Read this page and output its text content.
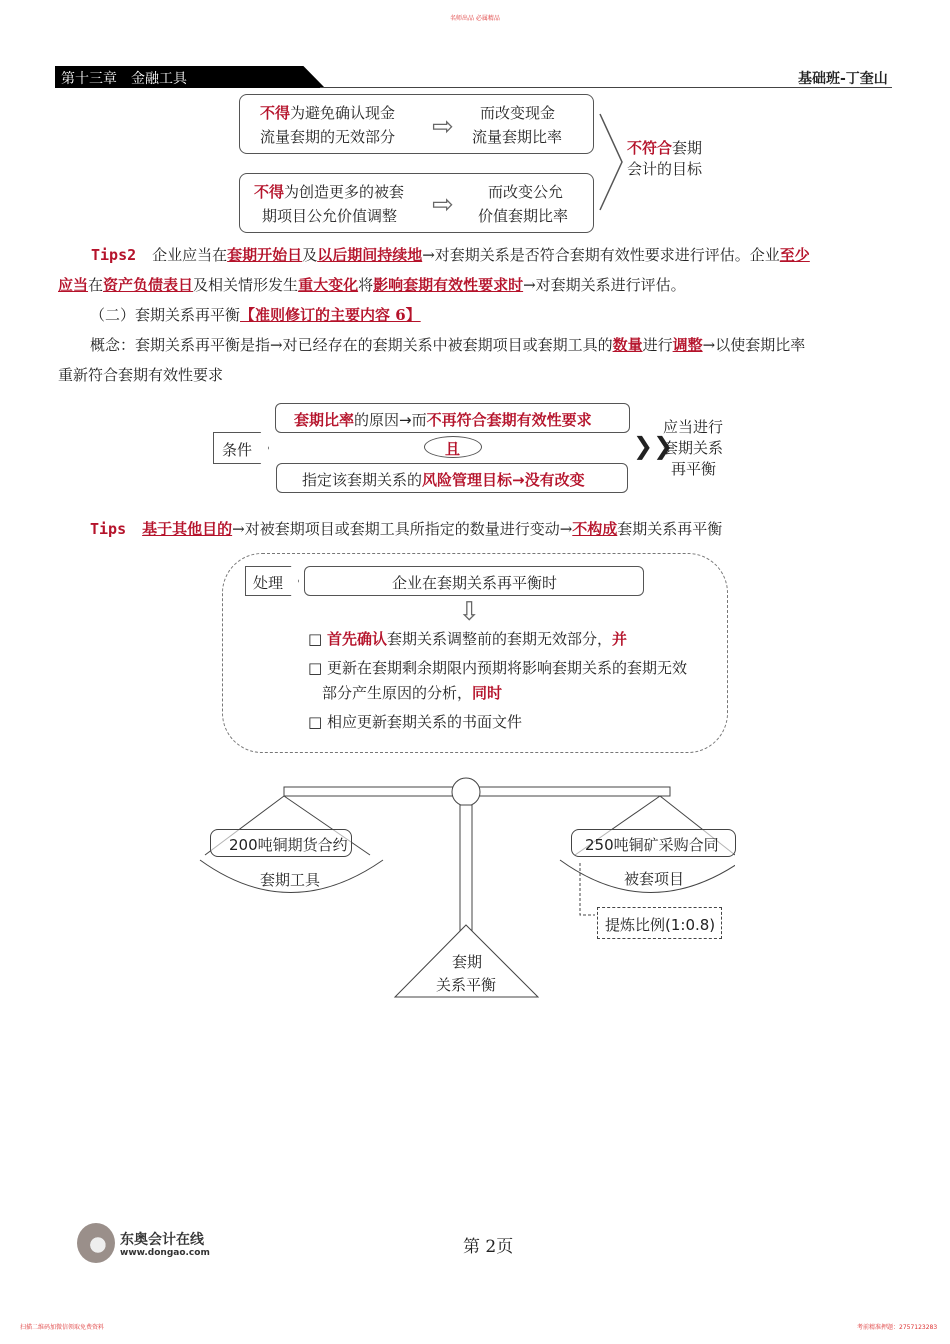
名师出品 必属精品
第十三章　金融工具	基础班-丁奎山
不得为避免确认现金
流量套期的无效部分 ⇨ 而改变现金
流量套期比率
不得为创造更多的被套
期项目公允价值调整 ⇨ 而改变公允
价值套期比率
不符合套期
会计的目标

Tips2 企业应当在套期开始日及以后期间持续地→对套期关系是否符合套期有效性要求进行评估。企业至少

应当在资产负债表日及相关情形发生重大变化将影响套期有效性要求时→对套期关系进行评估。

（二）套期关系再平衡【准则修订的主要内容 6】

概念：套期关系再平衡是指→对已经存在的套期关系中被套期项目或套期工具的数量进行调整→以使套期比率

重新符合套期有效性要求

条件
套期比率的原因→而不再符合套期有效性要求
且
指定该套期关系的风险管理目标→没有改变
❯❯
应当进行
套期关系
再平衡

Tips 基于其他目的→对被套期项目或套期工具所指定的数量进行变动→不构成套期关系再平衡

处理	企业在套期关系再平衡时
⇨
□ 首先确认套期关系调整前的套期无效部分，并
□ 更新在套期剩余期限内预期将影响套期关系的套期无效
部分产生原因的分析，同时
□ 相应更新套期关系的书面文件
200吨铜期货合约
套期工具
250吨铜矿采购合同
被套项目
提炼比例(1:0.8)
套期
关系平衡
东奥会计在线
www.dongao.com	第 2页
扫描二维码加微信领取免费资料	考前精准押题：2757123283
